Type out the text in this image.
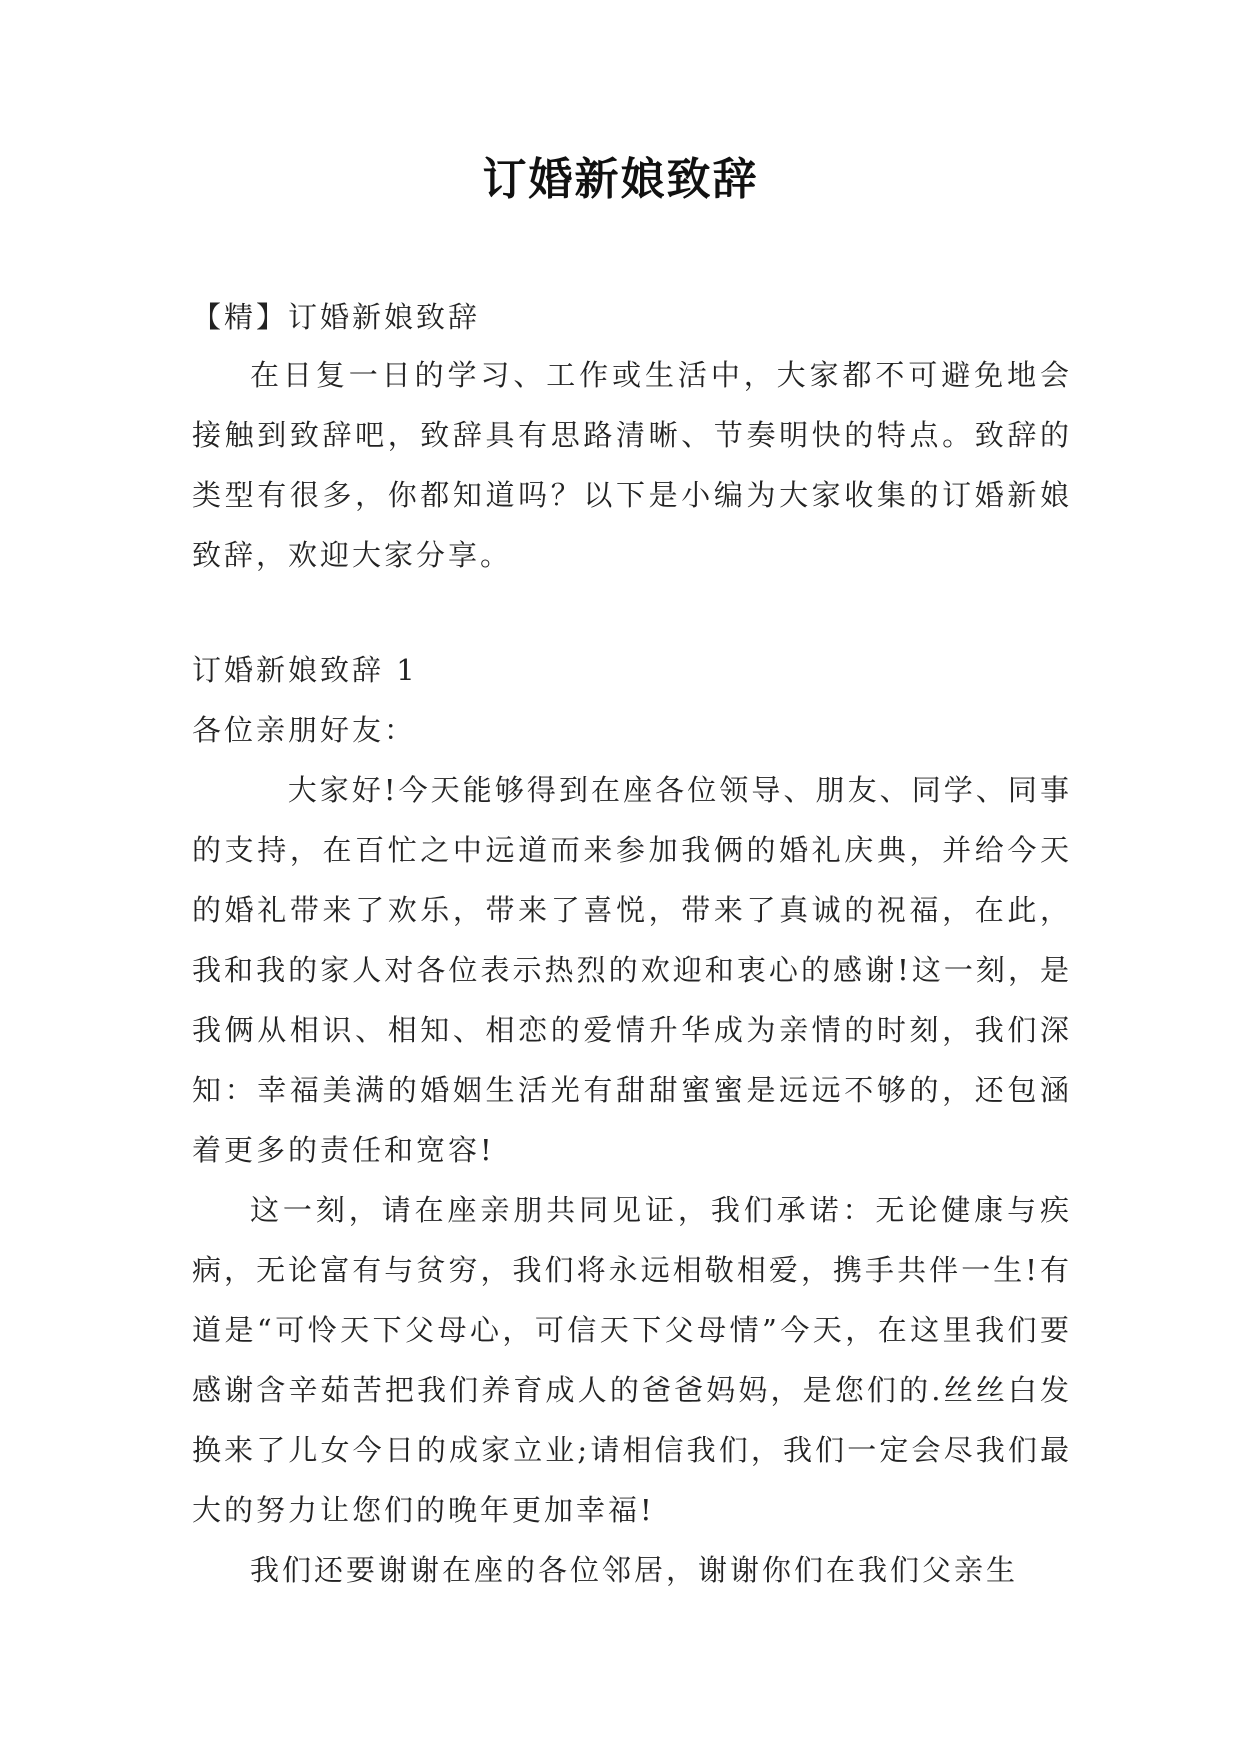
订婚新娘致辞

【精】订婚新娘致辞

在日复一日的学习、工作或生活中，大家都不可避免地会接触到致辞吧，致辞具有思路清晰、节奏明快的特点。致辞的类型有很多，你都知道吗？以下是小编为大家收集的订婚新娘致辞，欢迎大家分享。

订婚新娘致辞 1

各位亲朋好友：

大家好!今天能够得到在座各位领导、朋友、同学、同事的支持，在百忙之中远道而来参加我俩的婚礼庆典，并给今天的婚礼带来了欢乐，带来了喜悦，带来了真诚的祝福，在此，我和我的家人对各位表示热烈的欢迎和衷心的感谢!这一刻，是我俩从相识、相知、相恋的爱情升华成为亲情的时刻，我们深知：幸福美满的婚姻生活光有甜甜蜜蜜是远远不够的，还包涵着更多的责任和宽容!

这一刻，请在座亲朋共同见证，我们承诺：无论健康与疾病，无论富有与贫穷，我们将永远相敬相爱，携手共伴一生!有道是“可怜天下父母心，可信天下父母情”今天，在这里我们要感谢含辛茹苦把我们养育成人的爸爸妈妈，是您们的.丝丝白发换来了儿女今日的成家立业;请相信我们，我们一定会尽我们最大的努力让您们的晚年更加幸福!

我们还要谢谢在座的各位邻居，谢谢你们在我们父亲生
